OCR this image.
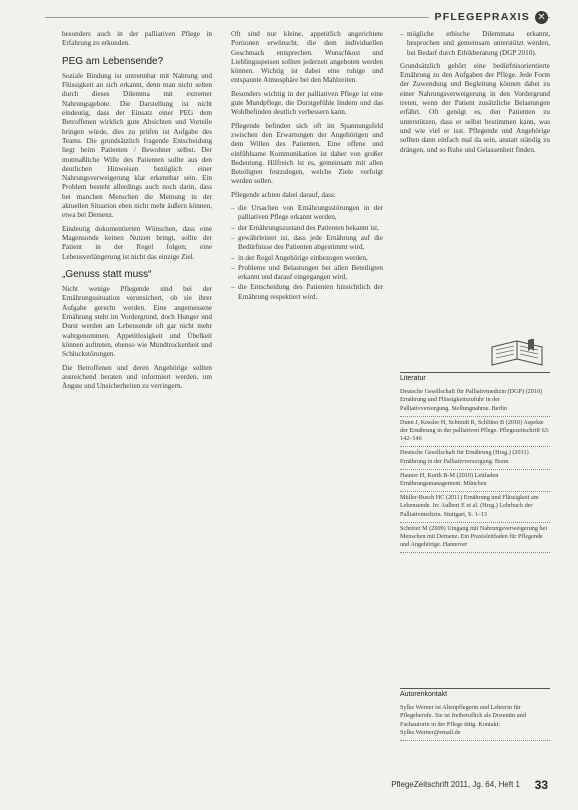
PFLEGEPRAXIS ✕

besonders auch in der palliativen Pflege in Erfahrung zu erkunden.

PEG am Lebensende?

Soziale Bindung ist untrennbar mit Nahrung und Flüssigkeit an sich erkannt, denn man nicht selten durch dieses Dilemma mit extremer Nahrungsgebote. Die Darstellung ist nicht eindeutig, dass der Einsatz einer PEG dem Betroffenen wirklich gute Absichten und Vorteile bringen würde, dies zu prüfen ist Aufgabe des Teams. Die grundsätzlich fragende Entscheidung liegt beim Patienten / Bewohner selbst. Der mutmaßliche Wille des Patienten sollte aus den deutlichen Hinweisen bezüglich einer Nahrungsverweigerung klar erkennbar sein. Ein Problem besteht allerdings auch noch darin, dass bei manchen Menschen die Meinung in der aktuellen Situation eben nicht mehr äußern können, etwa bei Demenz.

Eindeutig dokumentierten Wünschen, dass eine Magensonde keinen Nutzen bringt, sollte der Patient in der Regel folgen; eine Lebensverlängerung ist nicht das einzige Ziel.

„Genuss statt muss“

Nicht wenige Pflegende sind bei der Ernährungssituation verunsichert, ob sie ihrer Aufgabe gerecht werden. Eine angemessene Ernährung steht im Vordergrund, doch Hunger und Durst werden am Lebensende oft gar nicht mehr wahrgenommen. Appetitlosigkeit und Übelkeit können auftreten, ebenso wie Mundtrockenheit und Schluckstörungen.

Die Betroffenen und deren Angehörige sollten ausreichend beraten und informiert werden, um Ängste und Unsicherheiten zu verringern.

Oft sind nur kleine, appetitlich angerichtete Portionen erwünscht, die dem individuellen Geschmack entsprechen. Wunschkost und Lieblingsspeisen sollten jederzeit angeboten werden können. Wichtig ist dabei eine ruhige und entspannte Atmosphäre bei den Mahlzeiten.

Besonders wichtig in der palliativen Pflege ist eine gute Mundpflege, die Durstgefühle lindern und das Wohlbefinden deutlich verbessern kann.

Pflegende befinden sich oft im Spannungsfeld zwischen den Erwartungen der Angehörigen und dem Willen des Patienten. Eine offene und einfühlsame Kommunikation ist daher von großer Bedeutung. Hilfreich ist es, gemeinsam mit allen Beteiligten festzulegen, welche Ziele verfolgt werden sollen.

Pflegende achten dabei darauf, dass:

– die Ursachen von Ernährungsstörungen in der palliativen Pflege erkannt werden,
– der Ernährungszustand des Patienten bekannt ist,
– gewährleistet ist, dass jede Ernährung auf die Bedürfnisse des Patienten abgestimmt wird,
– in der Regel Angehörige einbezogen werden,
– Probleme und Belastungen bei allen Beteiligten erkannt und darauf eingegangen wird,
– die Entscheidung des Patienten hinsichtlich der Ernährung respektiert wird.
– mögliche ethische Dilemmata erkannt, besprochen und gemeinsam unterstützt werden, bei Bedarf durch Ethikberatung (DGP 2010).

Grundsätzlich gehört eine bedürfnisorientierte Ernährung zu den Aufgaben der Pflege. Jede Form der Zuwendung und Begleitung können dabei zu einer Nahrungsverweigerung in den Vordergrund treten, wenn der Patient zusätzliche Belastungen erfährt. Oft genügt es, den Patienten zu unterstützen, dass er selbst bestimmen kann, was und wie viel er isst. Pflegende und Angehörige sollten dann einfach mal da sein, anstatt ständig zu drängen, und so Ruhe und Gelassenheit finden.

Literatur
Deutsche Gesellschaft für Palliativmedizin (DGP) (2010) Ernährung und Flüssigkeitszufuhr in der Palliativversorgung. Stellungnahme. Berlin
Dunn J, Kessler H, Schmidt R, Schlüter B (2010) Aspekte der Ernährung in der palliativen Pflege. Pflegezeitschrift 63: 142–146
Deutsche Gesellschaft für Ernährung (Hrsg.) (2011) Ernährung in der Palliativversorgung. Bonn
Hauner H, Kurth B-M (2010) Leitfaden Ernährungsmanagement. München
Müller-Busch HC (2011) Ernährung und Flüssigkeit am Lebensende. In: Aulbert E et al. (Hrsg.) Lehrbuch der Palliativmedizin. Stuttgart, S. 1–13
Schreier M (2009) Umgang mit Nahrungsverweigerung bei Menschen mit Demenz. Ein Praxisleitfaden für Pflegende und Angehörige. Hannover
Autorenkontakt
Sylke Werner ist Altenpflegerin und Lehrerin für Pflegeberufe. Sie ist freiberuflich als Dozentin und Fachautorin in der Pflege tätig. Kontakt: Sylke.Werner@email.de
PflegeZeitschrift 2011, Jg. 64, Heft 1 33
